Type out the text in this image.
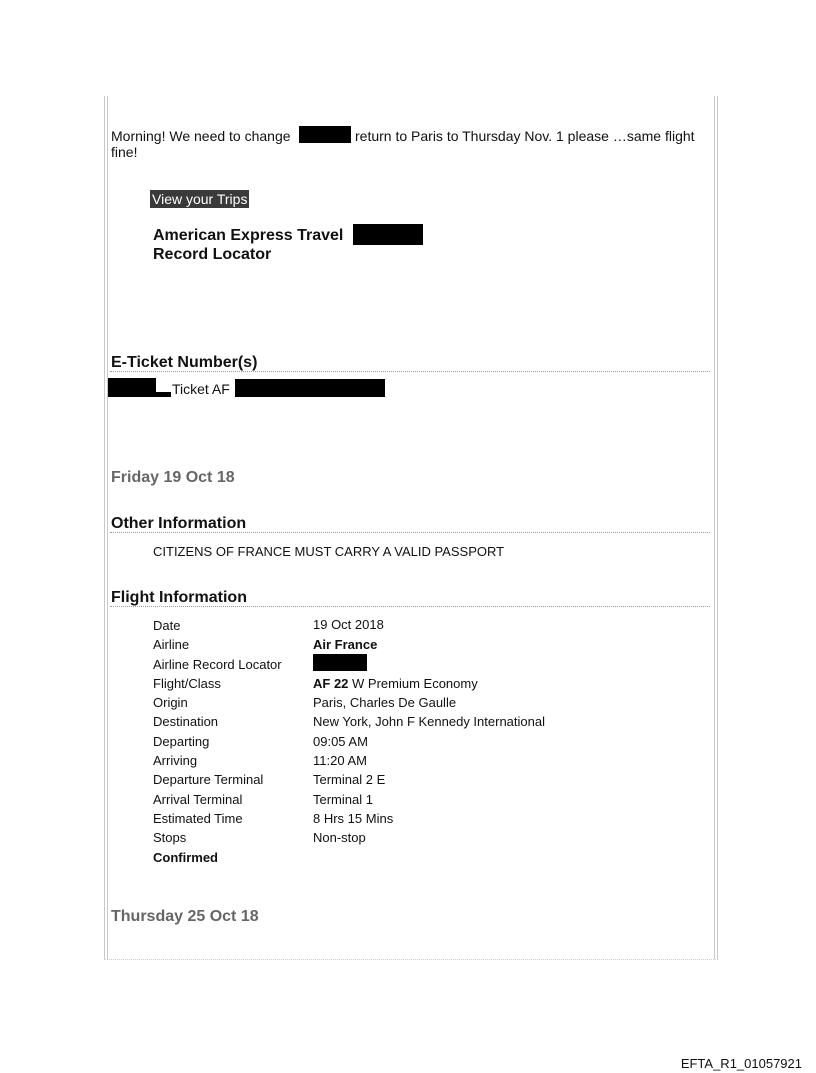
Morning! We need to change	return to Paris to Thursday Nov. 1 please …same flight
fine!
View your Trips
American Express Travel
Record Locator
E-Ticket Number(s)
Ticket AF
Friday 19 Oct 18
Other Information
CITIZENS OF FRANCE MUST CARRY A VALID PASSPORT
Flight Information
Date	19 Oct 2018
Airline	Air France
Airline Record Locator
Flight/Class	AF 22 W Premium Economy
Origin	Paris, Charles De Gaulle
Destination	New York, John F Kennedy International
Departing	09:05 AM
Arriving	11:20 AM
Departure Terminal	Terminal 2 E
Arrival Terminal	Terminal 1
Estimated Time	8 Hrs 15 Mins
Stops	Non-stop
Confirmed
Thursday 25 Oct 18
EFTA_R1_01057921
